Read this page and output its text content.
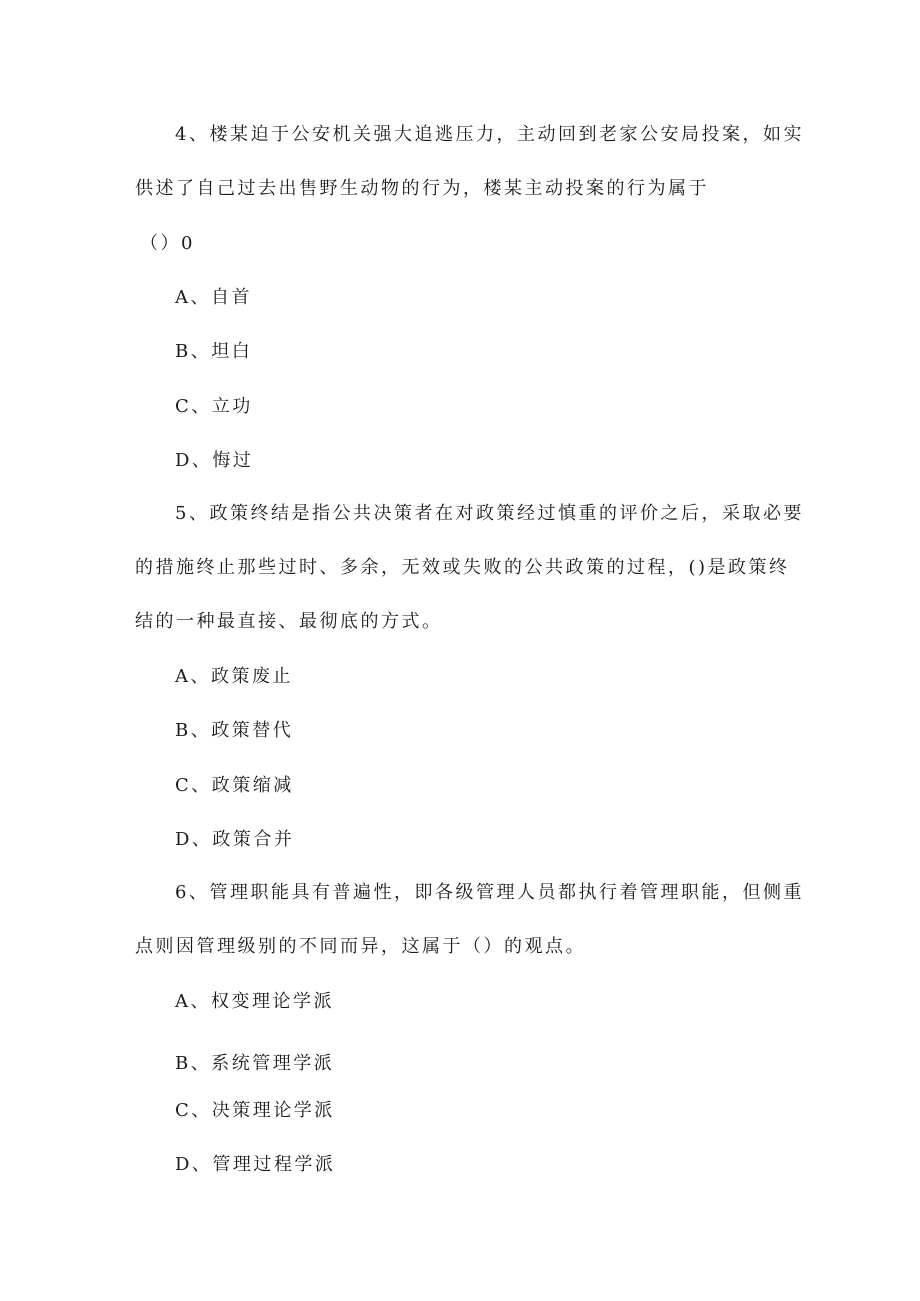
4、楼某迫于公安机关强大追逃压力，主动回到老家公安局投案，如实
供述了自己过去出售野生动物的行为，楼某主动投案的行为属于
（）0
A、自首
B、坦白
C、立功
D、悔过
5、政策终结是指公共决策者在对政策经过慎重的评价之后，采取必要
的措施终止那些过时、多余，无效或失败的公共政策的过程，()是政策终
结的一种最直接、最彻底的方式。
A、政策废止
B、政策替代
C、政策缩减
D、政策合并
6、管理职能具有普遍性，即各级管理人员都执行着管理职能，但侧重
点则因管理级别的不同而异，这属于（）的观点。
A、权变理论学派
B、系统管理学派
C、决策理论学派
D、管理过程学派
